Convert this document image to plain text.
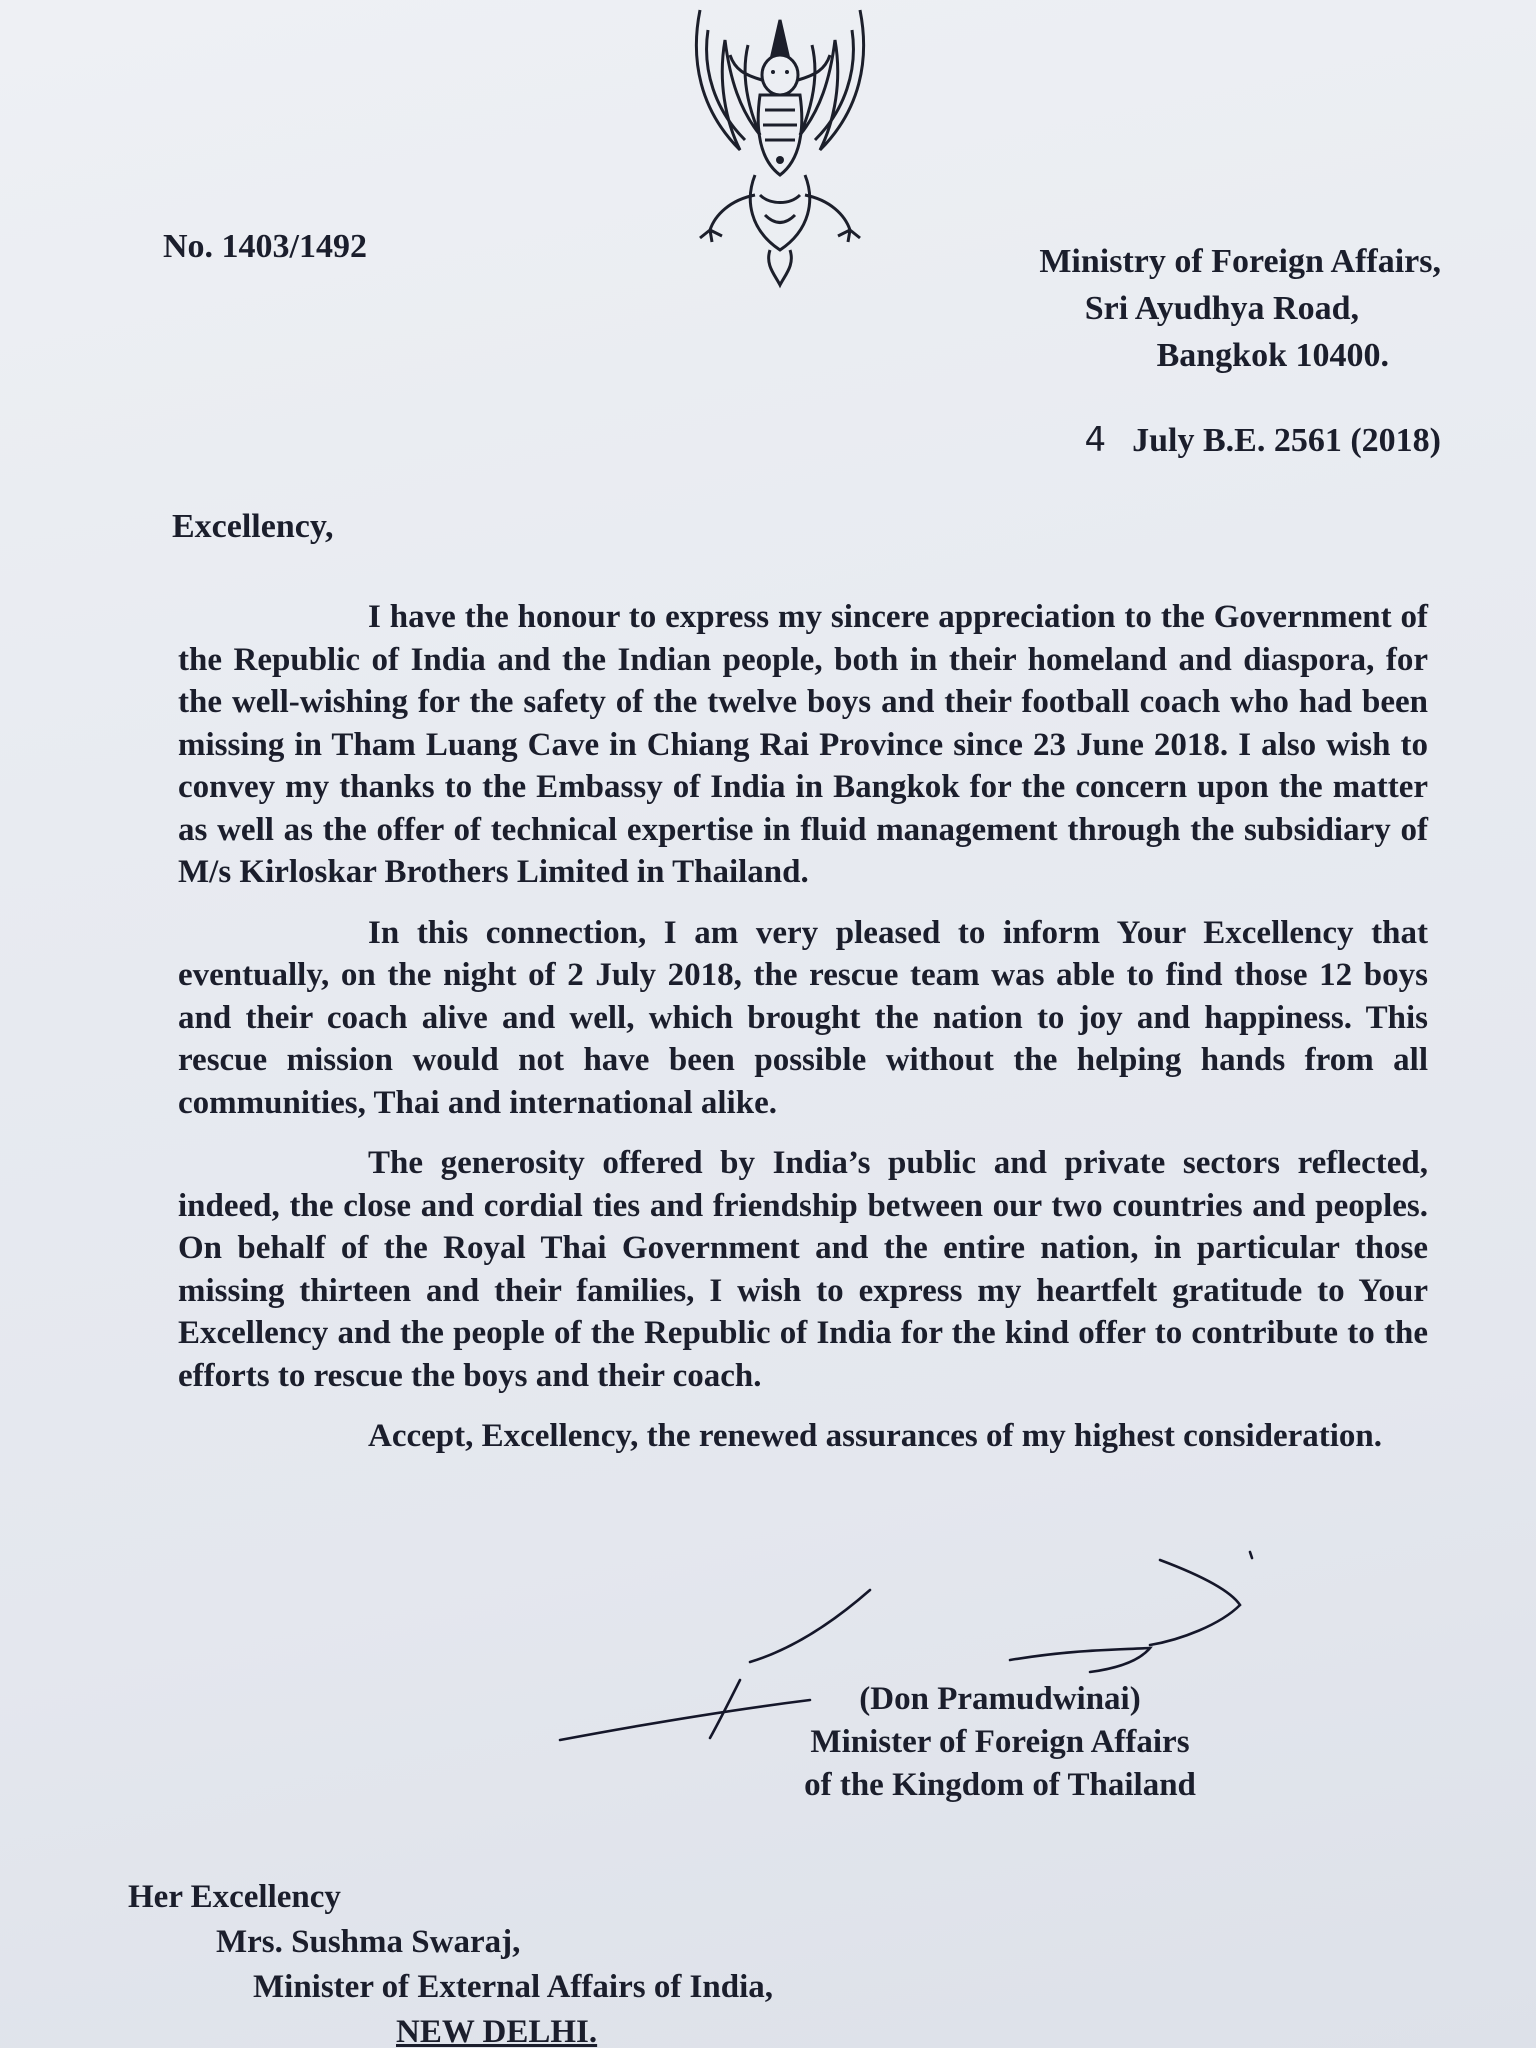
No. 1403/1492	Ministry of Foreign Affairs,
Sri Ayudhya Road,
Bangkok 10400.
4 July B.E. 2561 (2018)
Excellency,

I have the honour to express my sincere appreciation to the Government of the Republic of India and the Indian people, both in their homeland and diaspora, for the well-wishing for the safety of the twelve boys and their football coach who had been missing in Tham Luang Cave in Chiang Rai Province since 23 June 2018. I also wish to convey my thanks to the Embassy of India in Bangkok for the concern upon the matter as well as the offer of technical expertise in fluid management through the subsidiary of M/s Kirloskar Brothers Limited in Thailand.

In this connection, I am very pleased to inform Your Excellency that eventually, on the night of 2 July 2018, the rescue team was able to find those 12 boys and their coach alive and well, which brought the nation to joy and happiness. This rescue mission would not have been possible without the helping hands from all communities, Thai and international alike.

The generosity offered by India’s public and private sectors reflected, indeed, the close and cordial ties and friendship between our two countries and peoples. On behalf of the Royal Thai Government and the entire nation, in particular those missing thirteen and their families, I wish to express my heartfelt gratitude to Your Excellency and the people of the Republic of India for the kind offer to contribute to the efforts to rescue the boys and their coach.

Accept, Excellency, the renewed assurances of my highest consideration.

(Don Pramudwinai)
Minister of Foreign Affairs
of the Kingdom of Thailand
Her Excellency
Mrs. Sushma Swaraj,
Minister of External Affairs of India,
NEW DELHI.
